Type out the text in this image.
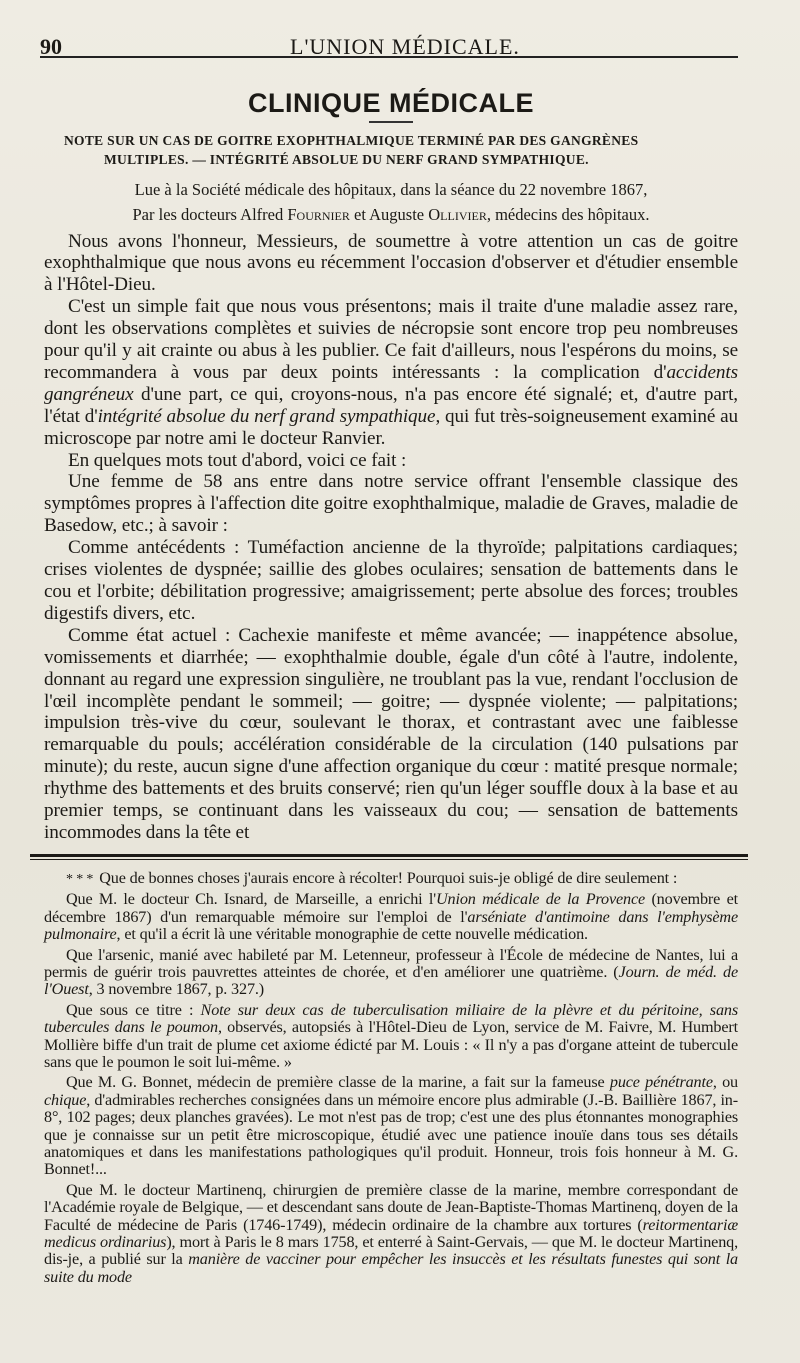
90	L'UNION MÉDICALE.
CLINIQUE MÉDICALE
NOTE SUR UN CAS DE GOITRE EXOPHTHALMIQUE TERMINÉ PAR DES GANGRÈNES
MULTIPLES. — INTÉGRITÉ ABSOLUE DU NERF GRAND SYMPATHIQUE.

Lue à la Société médicale des hôpitaux, dans la séance du 22 novembre 1867,

Par les docteurs Alfred Fournier et Auguste Ollivier, médecins des hôpitaux.

Nous avons l'honneur, Messieurs, de soumettre à votre attention un cas de goitre exophthalmique que nous avons eu récemment l'occasion d'observer et d'étudier ensemble à l'Hôtel-Dieu.

C'est un simple fait que nous vous présentons; mais il traite d'une maladie assez rare, dont les observations complètes et suivies de nécropsie sont encore trop peu nombreuses pour qu'il y ait crainte ou abus à les publier. Ce fait d'ailleurs, nous l'espérons du moins, se recommandera à vous par deux points intéressants : la complication d'accidents gangréneux d'une part, ce qui, croyons-nous, n'a pas encore été signalé; et, d'autre part, l'état d'intégrité absolue du nerf grand sympathique, qui fut très-soigneusement examiné au microscope par notre ami le docteur Ranvier.

En quelques mots tout d'abord, voici ce fait :

Une femme de 58 ans entre dans notre service offrant l'ensemble classique des symptômes propres à l'affection dite goitre exophthalmique, maladie de Graves, maladie de Basedow, etc.; à savoir :

Comme antécédents : Tuméfaction ancienne de la thyroïde; palpitations cardiaques; crises violentes de dyspnée; saillie des globes oculaires; sensation de battements dans le cou et l'orbite; débilitation progressive; amaigrissement; perte absolue des forces; troubles digestifs divers, etc.

Comme état actuel : Cachexie manifeste et même avancée; — inappétence absolue, vomissements et diarrhée; — exophthalmie double, égale d'un côté à l'autre, indolente, donnant au regard une expression singulière, ne troublant pas la vue, rendant l'occlusion de l'œil incomplète pendant le sommeil; — goitre; — dyspnée violente; — palpitations; impulsion très-vive du cœur, soulevant le thorax, et contrastant avec une faiblesse remarquable du pouls; accélération considérable de la circulation (140 pulsations par minute); du reste, aucun signe d'une affection organique du cœur : matité presque normale; rhythme des battements et des bruits conservé; rien qu'un léger souffle doux à la base et au premier temps, se continuant dans les vaisseaux du cou; — sensation de battements incommodes dans la tête et

* * * Que de bonnes choses j'aurais encore à récolter! Pourquoi suis-je obligé de dire seulement :

Que M. le docteur Ch. Isnard, de Marseille, a enrichi l'Union médicale de la Provence (novembre et décembre 1867) d'un remarquable mémoire sur l'emploi de l'arséniate d'antimoine dans l'emphysème pulmonaire, et qu'il a écrit là une véritable monographie de cette nouvelle médication.

Que l'arsenic, manié avec habileté par M. Letenneur, professeur à l'École de médecine de Nantes, lui a permis de guérir trois pauvrettes atteintes de chorée, et d'en améliorer une quatrième. (Journ. de méd. de l'Ouest, 3 novembre 1867, p. 327.)

Que sous ce titre : Note sur deux cas de tuberculisation miliaire de la plèvre et du péritoine, sans tubercules dans le poumon, observés, autopsiés à l'Hôtel-Dieu de Lyon, service de M. Faivre, M. Humbert Mollière biffe d'un trait de plume cet axiome édicté par M. Louis : « Il n'y a pas d'organe atteint de tubercule sans que le poumon le soit lui-même. »

Que M. G. Bonnet, médecin de première classe de la marine, a fait sur la fameuse puce pénétrante, ou chique, d'admirables recherches consignées dans un mémoire encore plus admirable (J.-B. Baillière 1867, in-8°, 102 pages; deux planches gravées). Le mot n'est pas de trop; c'est une des plus étonnantes monographies que je connaisse sur un petit être microscopique, étudié avec une patience inouïe dans tous ses détails anatomiques et dans les manifestations pathologiques qu'il produit. Honneur, trois fois honneur à M. G. Bonnet!...

Que M. le docteur Martinenq, chirurgien de première classe de la marine, membre correspondant de l'Académie royale de Belgique, — et descendant sans doute de Jean-Baptiste-Thomas Martinenq, doyen de la Faculté de médecine de Paris (1746-1749), médecin ordinaire de la chambre aux tortures (reitormentariæ medicus ordinarius), mort à Paris le 8 mars 1758, et enterré à Saint-Gervais, — que M. le docteur Martinenq, dis-je, a publié sur la manière de vacciner pour empêcher les insuccès et les résultats funestes qui sont la suite du mode
